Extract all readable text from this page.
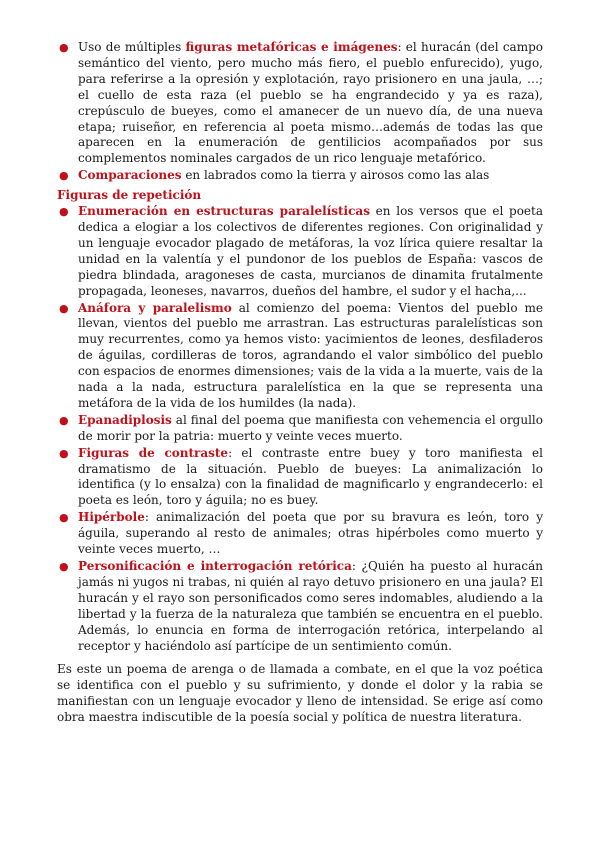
● Uso de múltiples figuras metafóricas e imágenes: el huracán (del campo semántico del viento, pero mucho más fiero, el pueblo enfurecido), yugo, para referirse a la opresión y explotación, rayo prisionero en una jaula, …; el cuello de esta raza (el pueblo se ha engrandecido y ya es raza), crepúsculo de bueyes, como el amanecer de un nuevo día, de una nueva etapa; ruiseñor, en referencia al poeta mismo…además de todas las que aparecen en la enumeración de gentilicios acompañados por sus complementos nominales cargados de un rico lenguaje metafórico.
● Comparaciones en labrados como la tierra y airosos como las alas
Figuras de repetición
● Enumeración en estructuras paralelísticas en los versos que el poeta dedica a elogiar a los colectivos de diferentes regiones. Con originalidad y un lenguaje evocador plagado de metáforas, la voz lírica quiere resaltar la unidad en la valentía y el pundonor de los pueblos de España: vascos de piedra blindada, aragoneses de casta, murcianos de dinamita frutalmente propagada, leoneses, navarros, dueños del hambre, el sudor y el hacha,...
● Anáfora y paralelismo al comienzo del poema: Vientos del pueblo me llevan, vientos del pueblo me arrastran. Las estructuras paralelísticas son muy recurrentes, como ya hemos visto: yacimientos de leones, desfiladeros de águilas, cordilleras de toros, agrandando el valor simbólico del pueblo con espacios de enormes dimensiones; vais de la vida a la muerte, vais de la nada a la nada, estructura paralelística en la que se representa una metáfora de la vida de los humildes (la nada).
● Epanadiplosis al final del poema que manifiesta con vehemencia el orgullo de morir por la patria: muerto y veinte veces muerto.
● Figuras de contraste: el contraste entre buey y toro manifiesta el dramatismo de la situación. Pueblo de bueyes: La animalización lo identifica (y lo ensalza) con la finalidad de magnificarlo y engrandecerlo: el poeta es león, toro y águila; no es buey.
● Hipérbole: animalización del poeta que por su bravura es león, toro y águila, superando al resto de animales; otras hipérboles como muerto y veinte veces muerto, …
● Personificación e interrogación retórica: ¿Quién ha puesto al huracán jamás ni yugos ni trabas, ni quién al rayo detuvo prisionero en una jaula? El huracán y el rayo son personificados como seres indomables, aludiendo a la libertad y la fuerza de la naturaleza que también se encuentra en el pueblo. Además, lo enuncia en forma de interrogación retórica, interpelando al receptor y haciéndolo así partícipe de un sentimiento común.

Es este un poema de arenga o de llamada a combate, en el que la voz poética se identifica con el pueblo y su sufrimiento, y donde el dolor y la rabia se manifiestan con un lenguaje evocador y lleno de intensidad. Se erige así como obra maestra indiscutible de la poesía social y política de nuestra literatura.
